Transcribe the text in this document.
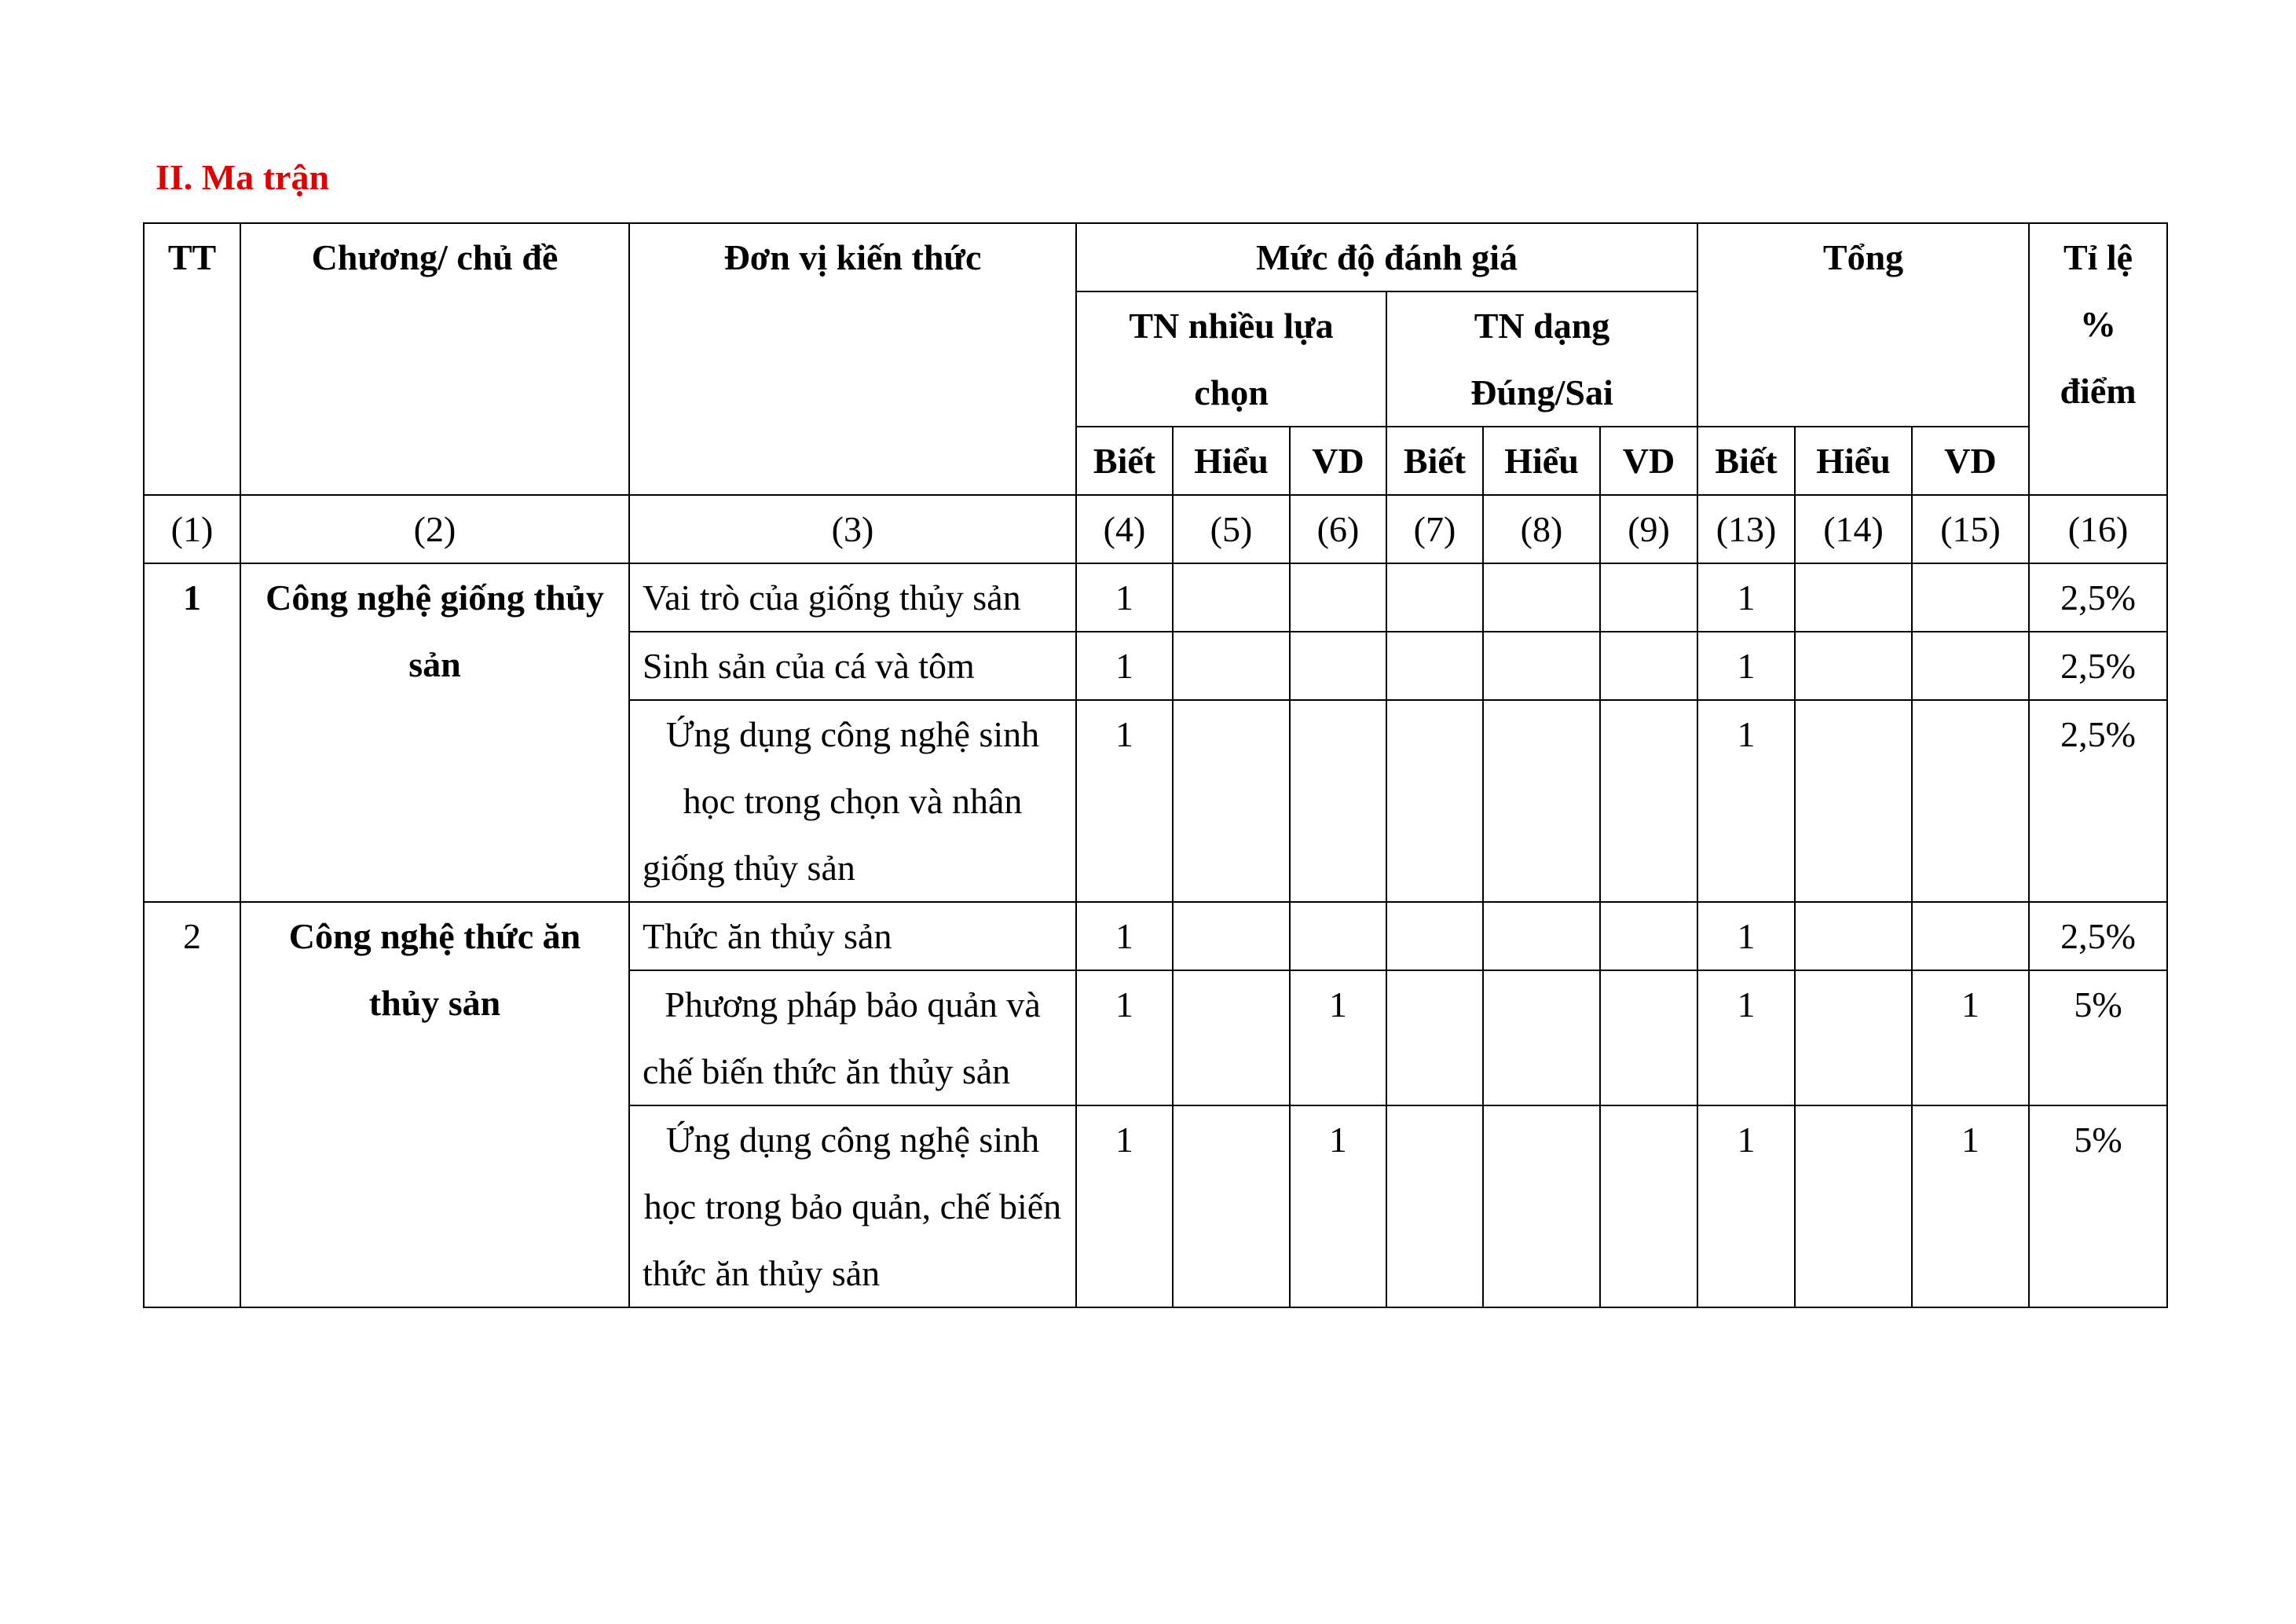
II. Ma trận
TT	Chương/ chủ đề	Đơn vị kiến thức	Mức độ đánh giá						Tổng			Tỉ lệ % điểm
			TN nhiều lựa chọn			TN dạng Đúng/Sai						
			Biết	Hiểu	VD	Biết	Hiểu	VD	Biết	Hiểu	VD	
(1)	(2)	(3)	(4)	(5)	(6)	(7)	(8)	(9)	(13)	(14)	(15)	(16)
1	Công nghệ giống thủy sản	Vai trò của giống thủy sản	1						1			2,5%
		Sinh sản của cá và tôm	1						1			2,5%
		Ứng dụng công nghệ sinh học trong chọn và nhân giống thủy sản	1						1			2,5%
2	Công nghệ thức ăn thủy sản	Thức ăn thủy sản	1						1			2,5%
		Phương pháp bảo quản và chế biến thức ăn thủy sản	1		1				1		1	5%
		Ứng dụng công nghệ sinh học trong bảo quản, chế biến thức ăn thủy sản	1		1				1		1	5%
